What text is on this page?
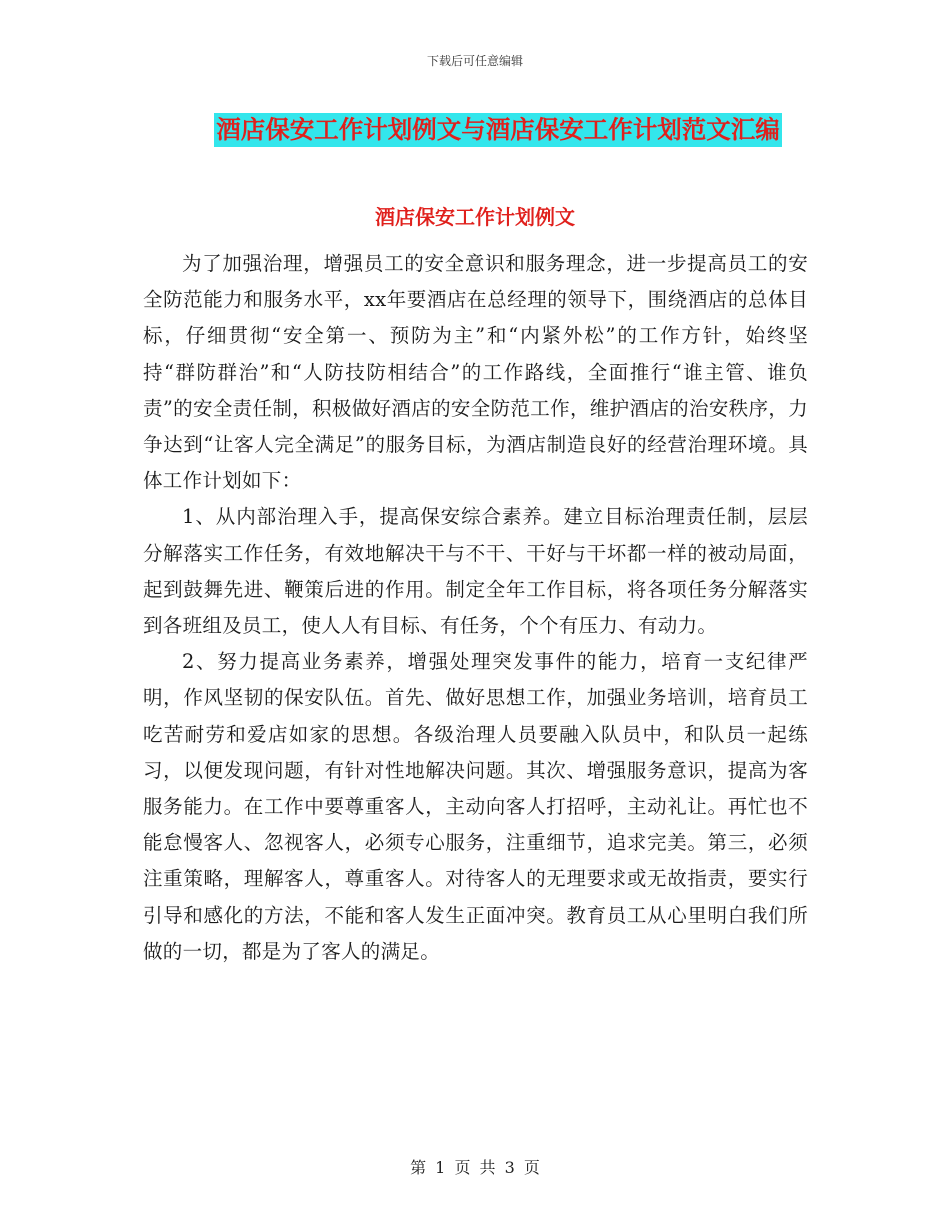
下载后可任意编辑
酒店保安工作计划例文与酒店保安工作计划范文汇编
酒店保安工作计划例文

为了加强治理，增强员工的安全意识和服务理念，进一步提高员工的安全防范能力和服务水平，xx年要酒店在总经理的领导下，围绕酒店的总体目标，仔细贯彻“安全第一、预防为主”和“内紧外松”的工作方针，始终坚持“群防群治”和“人防技防相结合”的工作路线，全面推行“谁主管、谁负责”的安全责任制，积极做好酒店的安全防范工作，维护酒店的治安秩序，力争达到“让客人完全满足”的服务目标，为酒店制造良好的经营治理环境。具体工作计划如下：

1、从内部治理入手，提高保安综合素养。建立目标治理责任制，层层分解落实工作任务，有效地解决干与不干、干好与干坏都一样的被动局面，起到鼓舞先进、鞭策后进的作用。制定全年工作目标，将各项任务分解落实到各班组及员工，使人人有目标、有任务，个个有压力、有动力。

2、努力提高业务素养，增强处理突发事件的能力，培育一支纪律严明，作风坚韧的保安队伍。首先、做好思想工作，加强业务培训，培育员工吃苦耐劳和爱店如家的思想。各级治理人员要融入队员中，和队员一起练习，以便发现问题，有针对性地解决问题。其次、增强服务意识，提高为客服务能力。在工作中要尊重客人，主动向客人打招呼，主动礼让。再忙也不能怠慢客人、忽视客人，必须专心服务，注重细节，追求完美。第三，必须注重策略，理解客人，尊重客人。对待客人的无理要求或无故指责，要实行引导和感化的方法，不能和客人发生正面冲突。教育员工从心里明白我们所做的一切，都是为了客人的满足。

第 1 页 共 3 页
